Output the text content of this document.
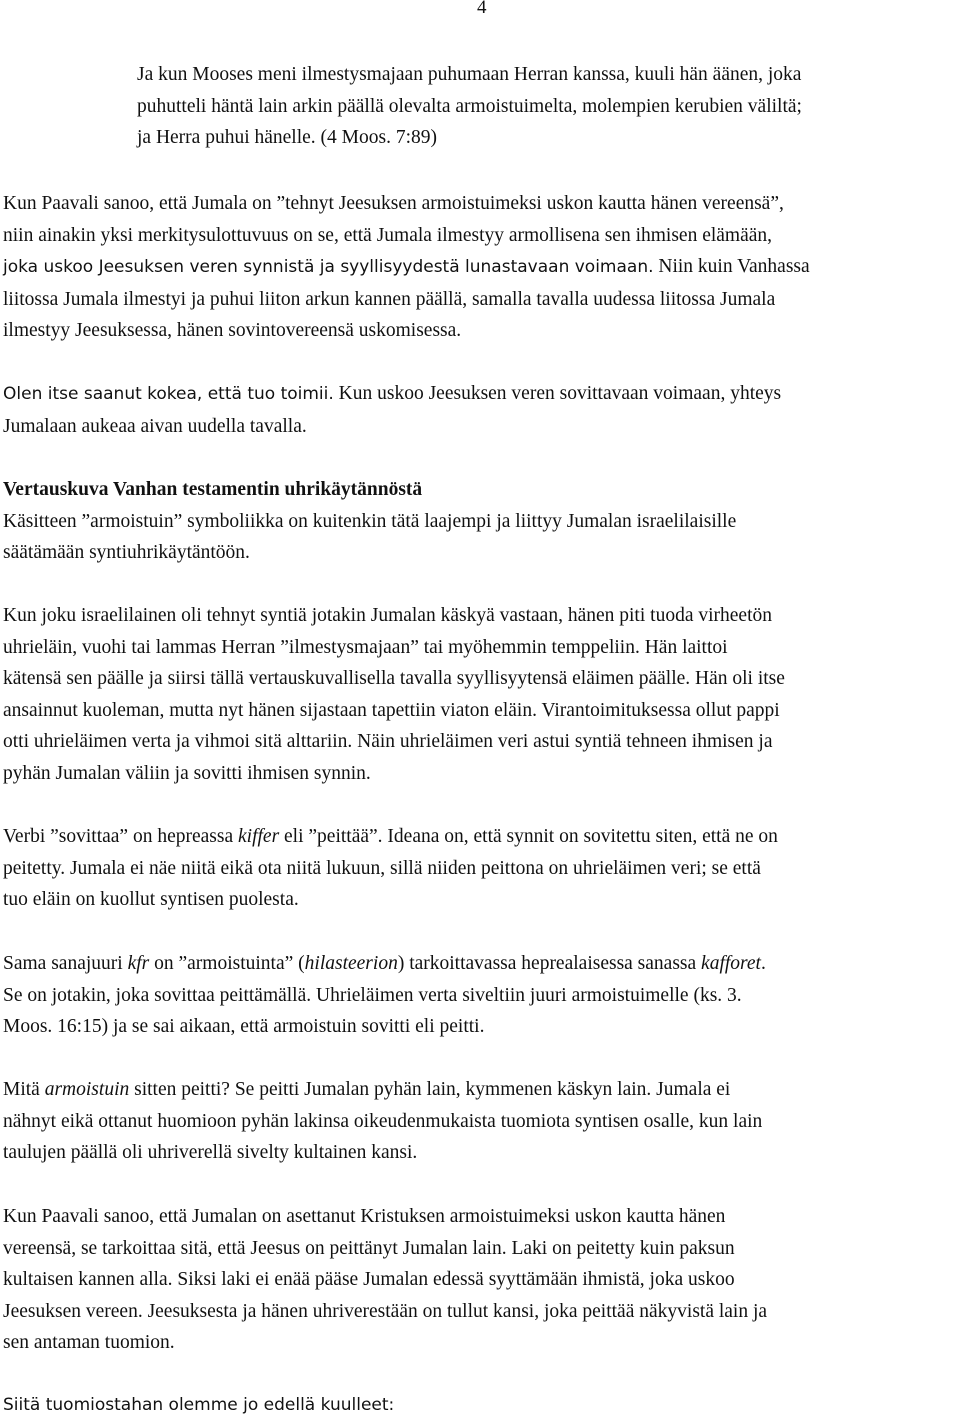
4

Ja kun Mooses meni ilmestysmajaan puhumaan Herran kanssa, kuuli hän äänen, joka
puhutteli häntä lain arkin päällä olevalta armoistuimelta, molempien kerubien väliltä;
ja Herra puhui hänelle. (4 Moos. 7:89)

Kun Paavali sanoo, että Jumala on ”tehnyt Jeesuksen armoistuimeksi uskon kautta hänen vereensä”,
niin ainakin yksi merkitysulottuvuus on se, että Jumala ilmestyy armollisena sen ihmisen elämään,
joka uskoo Jeesuksen veren synnistä ja syyllisyydestä lunastavaan voimaan. Niin kuin Vanhassa
liitossa Jumala ilmestyi ja puhui liiton arkun kannen päällä, samalla tavalla uudessa liitossa Jumala
ilmestyy Jeesuksessa, hänen sovintovereensä uskomisessa.

Olen itse saanut kokea, että tuo toimii. Kun uskoo Jeesuksen veren sovittavaan voimaan, yhteys
Jumalaan aukeaa aivan uudella tavalla.

Vertauskuva Vanhan testamentin uhrikäytännöstä
Käsitteen ”armoistuin” symboliikka on kuitenkin tätä laajempi ja liittyy Jumalan israelilaisille
säätämään syntiuhrikäytäntöön.

Kun joku israelilainen oli tehnyt syntiä jotakin Jumalan käskyä vastaan, hänen piti tuoda virheetön
uhrieläin, vuohi tai lammas Herran ”ilmestysmajaan” tai myöhemmin temppeliin. Hän laittoi
kätensä sen päälle ja siirsi tällä vertauskuvallisella tavalla syyllisyytensä eläimen päälle. Hän oli itse
ansainnut kuoleman, mutta nyt hänen sijastaan tapettiin viaton eläin. Virantoimituksessa ollut pappi
otti uhrieläimen verta ja vihmoi sitä alttariin. Näin uhrieläimen veri astui syntiä tehneen ihmisen ja
pyhän Jumalan väliin ja sovitti ihmisen synnin.

Verbi ”sovittaa” on hepreassa kiffer eli ”peittää”. Ideana on, että synnit on sovitettu siten, että ne on
peitetty. Jumala ei näe niitä eikä ota niitä lukuun, sillä niiden peittona on uhrieläimen veri; se että
tuo eläin on kuollut syntisen puolesta.

Sama sanajuuri kfr on ”armoistuinta” (hilasteerion) tarkoittavassa heprealaisessa sanassa kafforet.
Se on jotakin, joka sovittaa peittämällä. Uhrieläimen verta siveltiin juuri armoistuimelle (ks. 3.
Moos. 16:15) ja se sai aikaan, että armoistuin sovitti eli peitti.

Mitä armoistuin sitten peitti? Se peitti Jumalan pyhän lain, kymmenen käskyn lain. Jumala ei
nähnyt eikä ottanut huomioon pyhän lakinsa oikeudenmukaista tuomiota syntisen osalle, kun lain
taulujen päällä oli uhriverellä sivelty kultainen kansi.

Kun Paavali sanoo, että Jumalan on asettanut Kristuksen armoistuimeksi uskon kautta hänen
vereensä, se tarkoittaa sitä, että Jeesus on peittänyt Jumalan lain. Laki on peitetty kuin paksun
kultaisen kannen alla. Siksi laki ei enää pääse Jumalan edessä syyttämään ihmistä, joka uskoo
Jeesuksen vereen. Jeesuksesta ja hänen uhriverestään on tullut kansi, joka peittää näkyvistä lain ja
sen antaman tuomion.

Siitä tuomiostahan olemme jo edellä kuulleet:
